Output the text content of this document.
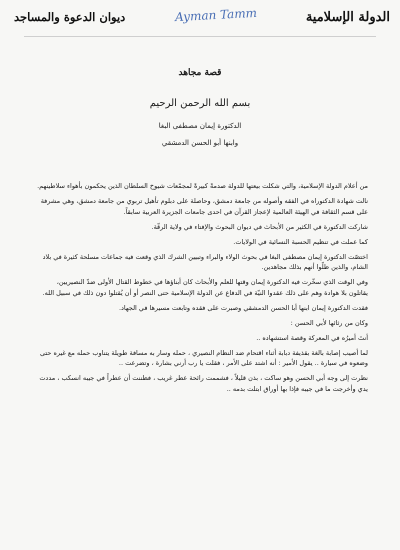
ديوان الدعوة والمساجد	Ayman Tamm	الدولة الإسلامية
قصة مجاهد
بسم الله الرحمن الرحيم
الدكتورة إيمان مصطفى البغا
وابنها أبو الحسن الدمشقي

من أعلام الدولة الإسلامية، والتي شكلت بيعتها للدولة صدمةً كبيرةً لمجمّعات شيوخ السلطان الذين يحكمون بأهواء سلاطينهم.

نالت شهادة الدكتوراه في الفقه وأصوله من جامعة دمشق، وحاصلة على دبلوم تأهيل تربوي من جامعة دمشق، وهي مشرفة على قسم الثقافة في الهيئة العالمية لإعجاز القرآن في احدى جامعات الجزيرة العربية سابقاً.

شاركت الدكتورة في الكثير من الأبحاث في ديوان البحوث والإفتاء في ولاية الرقّة.

كما عملت في تنظيم الحسبة النسائية في الولايات.

اختصّت الدكتورة إيمان مصطفى البغا في بحوث الولاء والبراء وتبيين الشرك الذي وقعت فيه جماعات مسلحة كثيرة في بلاد الشام، والذين ظلّوا أنهم بذلك مجاهدين.

وفي الوقت الذي سخّرت فيه الدكتورة إيمان وقتها للعلم والأبحاث كان أبناؤها في خطوط القتال الأولى ضدّ النصيريين، يقاتلون بلا هوادة وهم على ذلك عقدوا النيّة في الدفاع عن الدولة الإسلامية حتى النصر أو أن يُقتلوا دون ذلك في سبيل الله.

فقدت الدكتورة إيمان ابنها أبا الحسن الدمشقي وصبرت على فقده وتابعت مسيرها في الجهاد.

وكان من رثائها لأبي الحسن :

أنتَ أميرُه في المعركة وقصة استشهاده ..

لما أصيب إصابة بالغة بقذيفة دبابة أثناء اقتحام ضد النظام النصيري ، حمله وسار به مسافة طويلة يتناوب حمله مع غيره حتى وضعوه في سيارة .. يقول الأمير : أنه اشتد على الأمر ، فقلت يا رب أرني بشارة ، وتضرعت ..

نظرت إلى وجه أبي الحسن وهو ساكت ، بذن قليلاً ، فشممت رائحة عطر غريب ، فظننت أن عطراً في جيبه انسكب ، مددت يدي وأخرجت ما في جيبه فإذا بها أوراق ابتلت بدمه ..
